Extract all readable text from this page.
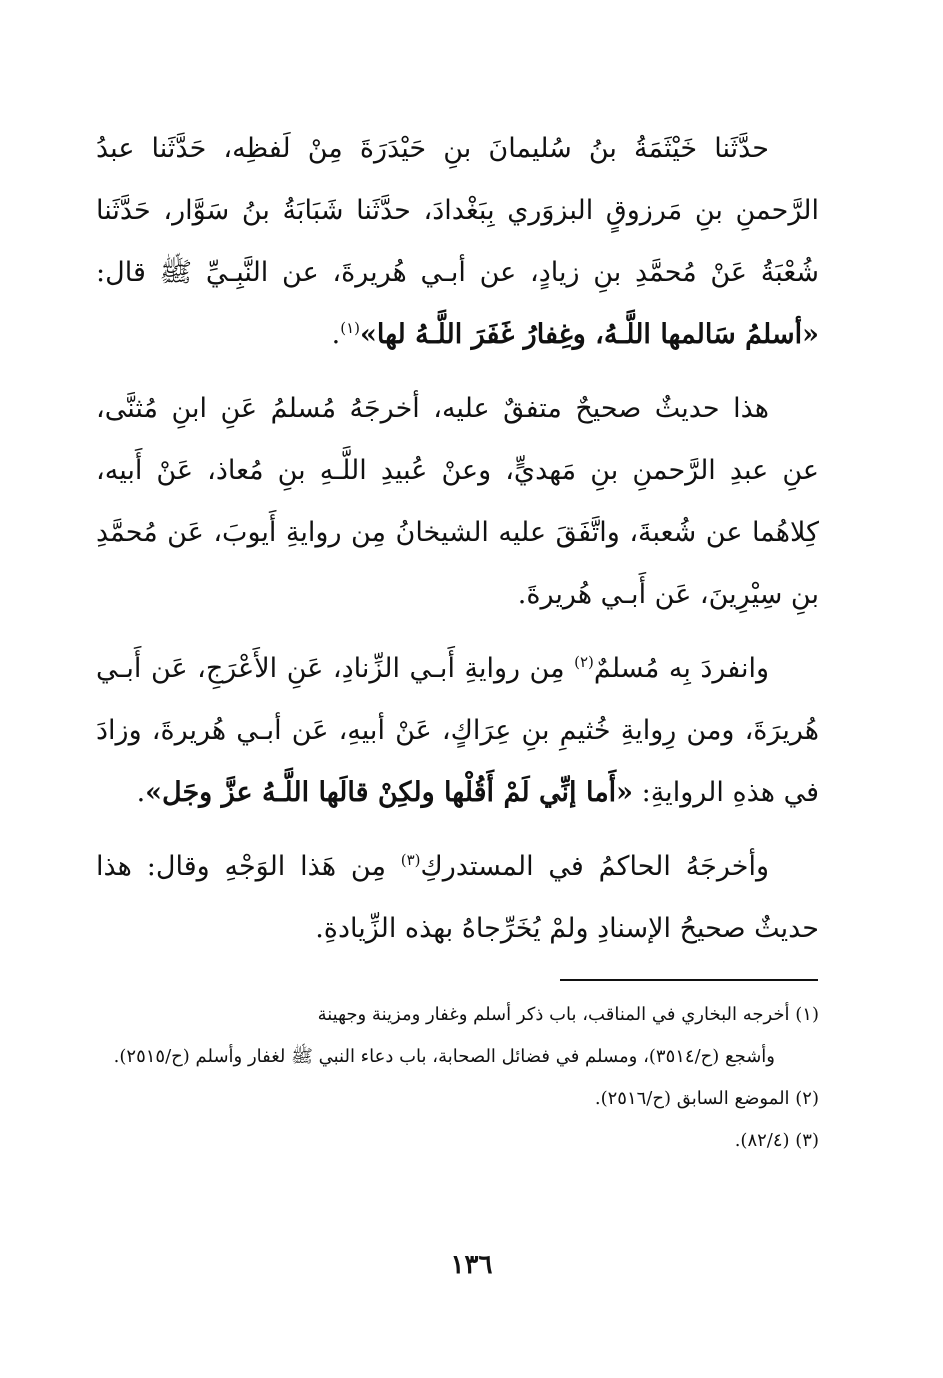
حدَّثَنا خَيْثَمَةُ بنُ سُليمانَ بنِ حَيْدَرَةَ مِنْ لَفظِه، حَدَّثَنا عبدُ الرَّحمنِ بنِ مَرزوقٍ البزوَري بِبَغْدادَ، حدَّثَنا شَبَابَةُ بنُ سَوَّار، حَدَّثَنا شُعْبَةُ عَنْ مُحمَّدِ بنِ زيادٍ، عن أبـي هُريرةَ، عن النَّبِـيِّ ﷺ قال: «أسلمُ سَالمها اللَّـهُ، وغِفارُ غَفَرَ اللَّـهُ لها»$^{(١)}$.

هذا حديثٌ صحيحٌ متفقٌ عليه، أخرجَهُ مُسلمُ عَنِ ابنِ مُثنَّى، عنِ عبدِ الرَّحمنِ بنِ مَهديٍّ، وعنْ عُبيدِ اللَّـهِ بنِ مُعاذ، عَنْ أَبيه، كِلاهُما عن شُعبةَ، واتَّفَقَ عليه الشيخانُ مِن روايةِ أَيوبَ، عَن مُحمَّدِ بنِ سِيْرِينَ، عَن أَبـي هُريرةَ.

وانفردَ بِه مُسلمٌ$^{(٢)}$ مِن روايةِ أَبـي الزِّنادِ، عَنِ الأَعْرَجِ، عَن أَبـي هُريرَةَ، ومن رِوايةِ خُثيمِ بنِ عِرَاكٍ، عَنْ أبيهِ، عَن أبـي هُريرةَ، وزادَ في هذهِ الروايةِ: «أَما إنِّي لَمْ أَقُلْها ولكِنْ قالَها اللَّـهُ عزَّ وجَل».

وأخرجَهُ الحاكمُ في المستدركِ$^{(٣)}$ مِن هَذا الوَجْهِ وقال: هذا حديثٌ صحيحُ الإسنادِ ولمْ يُخَرِّجاهُ بهذه الزِّيادةِ.

(١) أخرجه البخاري في المناقب، باب ذكر أسلم وغفار ومزينة وجهينة

وأشجع (ح/٣٥١٤)، ومسلم في فضائل الصحابة، باب دعاء النبي ﷺ لغفار وأسلم (ح/٢٥١٥).

(٢) الموضع السابق (ح/٢٥١٦).

(٣) (٨٢/٤).

١٣٦
